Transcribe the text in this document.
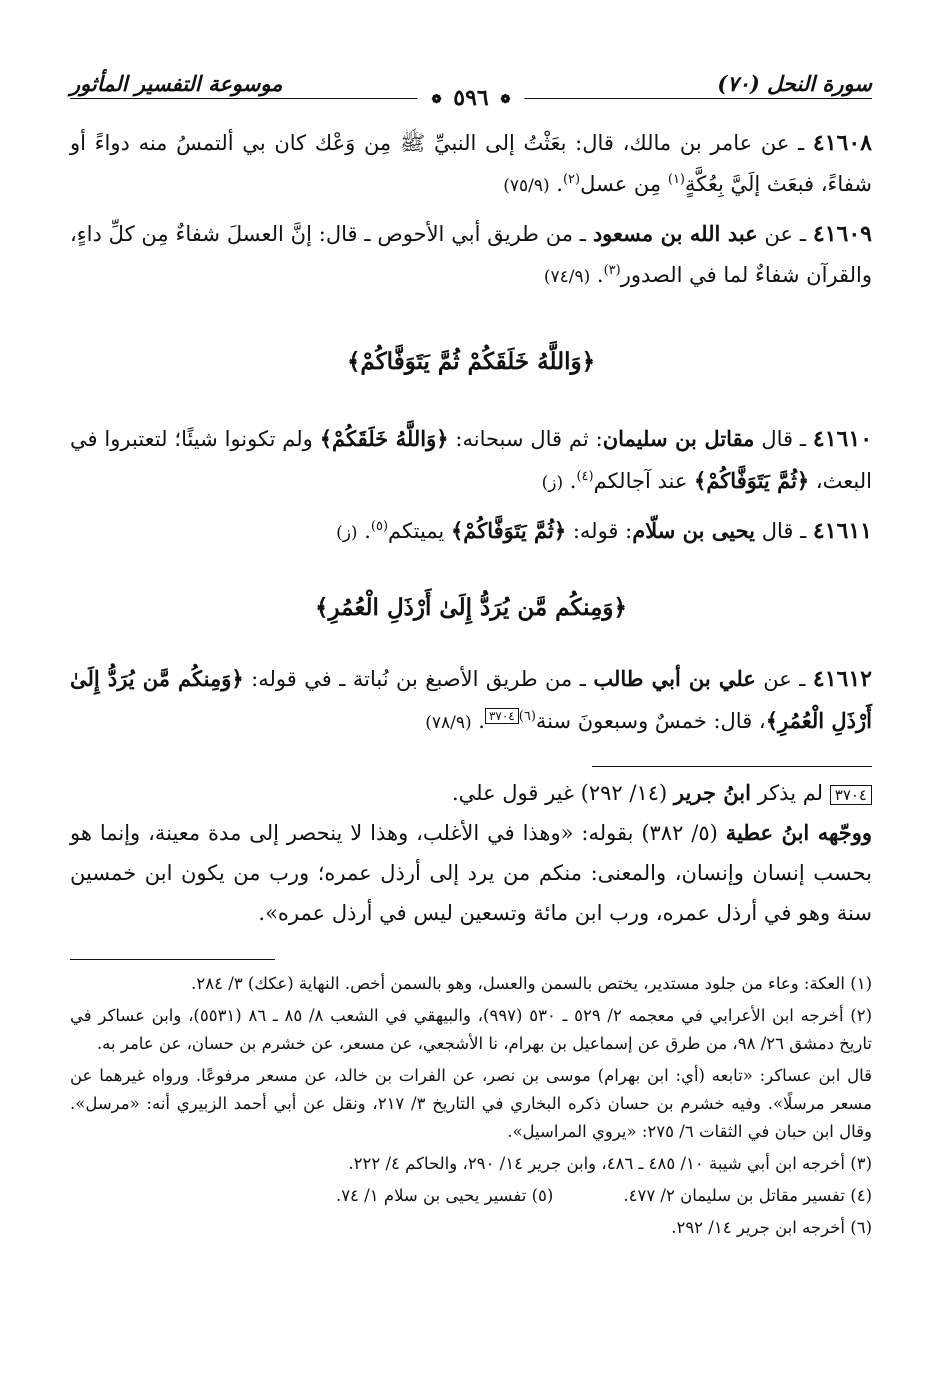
سورة النحل (٧٠)
❁ ٥٩٦ ❁
موسوعة التفسير المأثور

٤١٦٠٨ ـ عن عامر بن مالك، قال: بعَثْتُ إلى النبيِّ ﷺ مِن وَعْك كان بي ألتمسُ منه دواءً أو شفاءً، فبعَث إلَيَّ بِعُكَّةٍ$^{(١)}$ مِن عسل$^{(٢)}$. (٧٥/٩)

٤١٦٠٩ ـ عن عبد الله بن مسعود ـ من طريق أبي الأحوص ـ قال: إنَّ العسلَ شفاءٌ مِن كلِّ داءٍ، والقرآن شفاءٌ لما في الصدور$^{(٣)}$. (٧٤/٩)

﴿وَاللَّهُ خَلَقَكُمْ ثُمَّ يَتَوَفَّاكُمْ﴾

٤١٦١٠ ـ قال مقاتل بن سليمان: ثم قال سبحانه: ﴿وَاللَّهُ خَلَقَكُمْ﴾ ولم تكونوا شيئًا؛ لتعتبروا في البعث، ﴿ثُمَّ يَتَوَفَّاكُمْ﴾ عند آجالكم$^{(٤)}$. (ز)

٤١٦١١ ـ قال يحيى بن سلّام: قوله: ﴿ثُمَّ يَتَوَفَّاكُمْ﴾ يميتكم$^{(٥)}$. (ز)

﴿وَمِنكُم مَّن يُرَدُّ إِلَىٰ أَرْذَلِ الْعُمُرِ﴾

٤١٦١٢ ـ عن علي بن أبي طالب ـ من طريق الأصبغ بن نُباتة ـ في قوله: ﴿وَمِنكُم مَّن يُرَدُّ إِلَىٰ أَرْذَلِ الْعُمُرِ﴾، قال: خمسٌ وسبعونَ سنة$^{(٦)٣٧٠٤}$. (٧٨/٩)

٣٧٠٤ لم يذكر ابنُ جرير (١٤/ ٢٩٢) غير قول علي.
ووجّهه ابنُ عطية (٥/ ٣٨٢) بقوله: «وهذا في الأغلب، وهذا لا ينحصر إلى مدة معينة، وإنما هو بحسب إنسان وإنسان، والمعنى: منكم من يرد إلى أرذل عمره؛ ورب من يكون ابن خمسين سنة وهو في أرذل عمره، ورب ابن مائة وتسعين ليس في أرذل عمره».

(١) العكة: وعاء من جلود مستدير، يختص بالسمن والعسل، وهو بالسمن أخص. النهاية (عكك) ٣/ ٢٨٤.

(٢) أخرجه ابن الأعرابي في معجمه ٢/ ٥٢٩ ـ ٥٣٠ (٩٩٧)، والبيهقي في الشعب ٨/ ٨٥ ـ ٨٦ (٥٥٣١)، وابن عساكر في تاريخ دمشق ٢٦/ ٩٨، من طرق عن إسماعيل بن بهرام، نا الأشجعي، عن مسعر، عن خشرم بن حسان، عن عامر به.

قال ابن عساكر: «تابعه (أي: ابن بهرام) موسى بن نصر، عن الفرات بن خالد، عن مسعر مرفوعًا. ورواه غيرهما عن مسعر مرسلًا». وفيه خشرم بن حسان ذكره البخاري في التاريخ ٣/ ٢١٧، ونقل عن أبي أحمد الزبيري أنه: «مرسل». وقال ابن حبان في الثقات ٦/ ٢٧٥: «يروي المراسيل».

(٣) أخرجه ابن أبي شيبة ١٠/ ٤٨٥ ـ ٤٨٦، وابن جرير ١٤/ ٢٩٠، والحاكم ٤/ ٢٢٢.

(٤) تفسير مقاتل بن سليمان ٢/ ٤٧٧.
(٥) تفسير يحيى بن سلام ١/ ٧٤.

(٦) أخرجه ابن جرير ١٤/ ٢٩٢.
